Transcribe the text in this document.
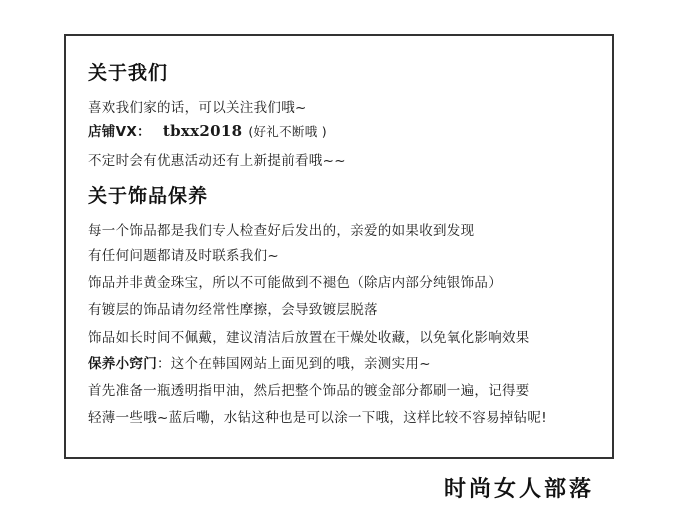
关于我们
喜欢我们家的话，可以关注我们哦~
店铺VX： tbxx2018 (好礼不断哦 )
不定时会有优惠活动还有上新提前看哦~~
关于饰品保养
每一个饰品都是我们专人检查好后发出的，亲爱的如果收到发现
有任何问题都请及时联系我们~
饰品并非黄金珠宝，所以不可能做到不褪色（除店内部分纯银饰品）
有镀层的饰品请勿经常性摩擦，会导致镀层脱落
饰品如长时间不佩戴，建议清洁后放置在干燥处收藏，以免氧化影响效果
保养小窍门：这个在韩国网站上面见到的哦，亲测实用~
首先准备一瓶透明指甲油，然后把整个饰品的镀金部分都刷一遍，记得要
轻薄一些哦~蓝后嘞，水钻这种也是可以涂一下哦，这样比较不容易掉钻呢!
时尚女人部落
